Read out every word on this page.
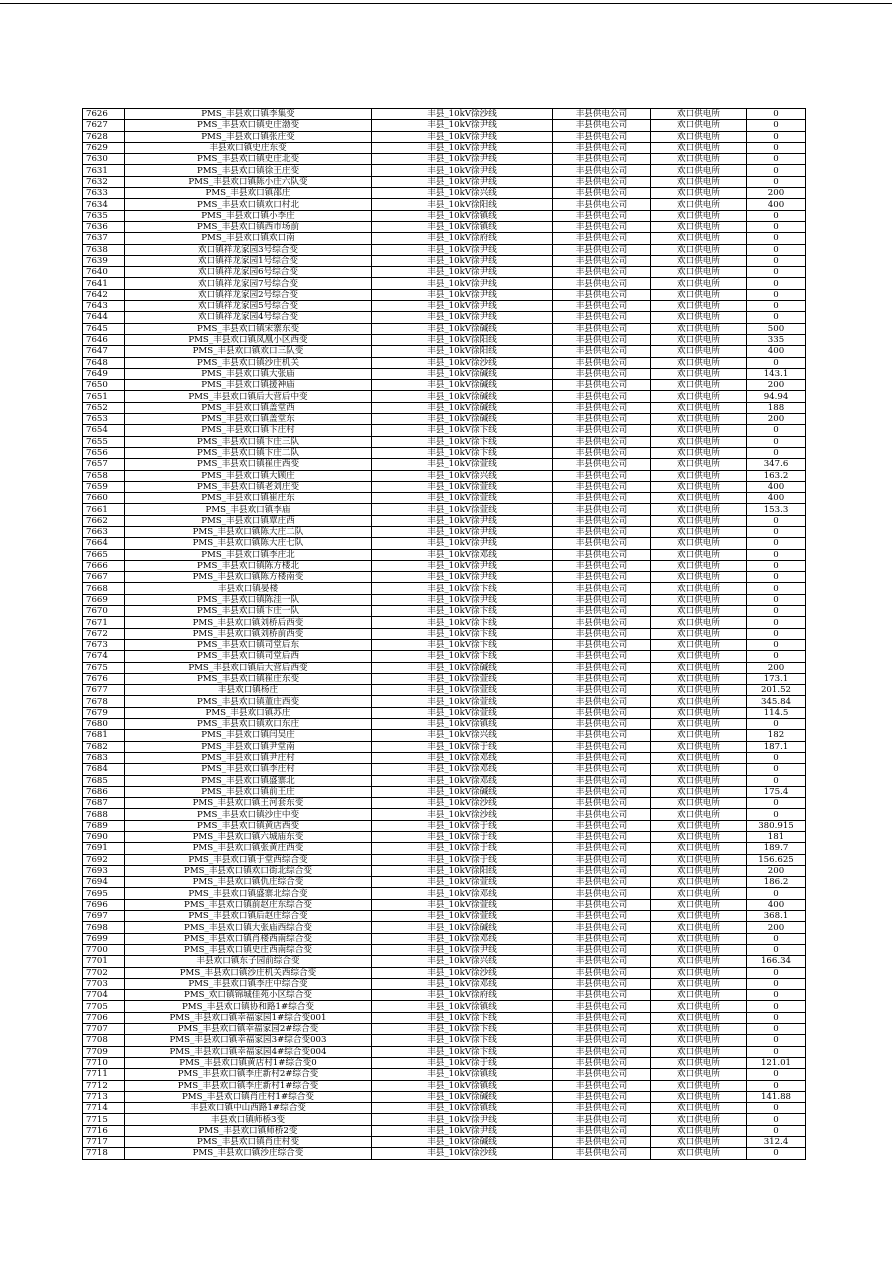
7626	PMS_丰县欢口镇李集变	丰县_10kV徐沙线	丰县供电公司	欢口供电所	0
7627	PMS_丰县欢口镇史庄渤变	丰县_10kV徐尹线	丰县供电公司	欢口供电所	0
7628	PMS_丰县欢口镇张庄变	丰县_10kV徐尹线	丰县供电公司	欢口供电所	0
7629	丰县欢口镇史庄东变	丰县_10kV徐尹线	丰县供电公司	欢口供电所	0
7630	PMS_丰县欢口镇史庄北变	丰县_10kV徐尹线	丰县供电公司	欢口供电所	0
7631	PMS_丰县欢口镇徐王庄变	丰县_10kV徐尹线	丰县供电公司	欢口供电所	0
7632	PMS_丰县欢口镇陈小庄六队变	丰县_10kV徐尹线	丰县供电公司	欢口供电所	0
7633	PMS_丰县欢口镇邵庄	丰县_10kV徐兴线	丰县供电公司	欢口供电所	200
7634	PMS_丰县欢口镇欢口村北	丰县_10kV徐阳线	丰县供电公司	欢口供电所	400
7635	PMS_丰县欢口镇小李庄	丰县_10kV徐镇线	丰县供电公司	欢口供电所	0
7636	PMS_丰县欢口镇西市场前	丰县_10kV徐镇线	丰县供电公司	欢口供电所	0
7637	PMS_丰县欢口镇欢口南	丰县_10kV徐府线	丰县供电公司	欢口供电所	0
7638	欢口镇祥龙家园3号综合变	丰县_10kV徐尹线	丰县供电公司	欢口供电所	0
7639	欢口镇祥龙家园1号综合变	丰县_10kV徐尹线	丰县供电公司	欢口供电所	0
7640	欢口镇祥龙家园6号综合变	丰县_10kV徐尹线	丰县供电公司	欢口供电所	0
7641	欢口镇祥龙家园7号综合变	丰县_10kV徐尹线	丰县供电公司	欢口供电所	0
7642	欢口镇祥龙家园2号综合变	丰县_10kV徐尹线	丰县供电公司	欢口供电所	0
7643	欢口镇祥龙家园5号综合变	丰县_10kV徐尹线	丰县供电公司	欢口供电所	0
7644	欢口镇祥龙家园4号综合变	丰县_10kV徐尹线	丰县供电公司	欢口供电所	0
7645	PMS_丰县欢口镇宋寨东变	丰县_10kV徐碱线	丰县供电公司	欢口供电所	500
7646	PMS_丰县欢口镇凤凰小区西变	丰县_10kV徐阳线	丰县供电公司	欢口供电所	335
7647	PMS_丰县欢口镇欢口三队变	丰县_10kV徐阳线	丰县供电公司	欢口供电所	400
7648	PMS_丰县欢口镇沙庄机关	丰县_10kV徐沙线	丰县供电公司	欢口供电所	0
7649	PMS_丰县欢口镇大张庙	丰县_10kV徐碱线	丰县供电公司	欢口供电所	143.1
7650	PMS_丰县欢口镇援神庙	丰县_10kV徐碱线	丰县供电公司	欢口供电所	200
7651	PMS_丰县欢口镇后大营后中变	丰县_10kV徐碱线	丰县供电公司	欢口供电所	94.94
7652	PMS_丰县欢口镇盖堂西	丰县_10kV徐碱线	丰县供电公司	欢口供电所	188
7653	PMS_丰县欢口镇盖堂东	丰县_10kV徐碱线	丰县供电公司	欢口供电所	200
7654	PMS_丰县欢口镇卞庄村	丰县_10kV徐卞线	丰县供电公司	欢口供电所	0
7655	PMS_丰县欢口镇卞庄三队	丰县_10kV徐卞线	丰县供电公司	欢口供电所	0
7656	PMS_丰县欢口镇卞庄二队	丰县_10kV徐卞线	丰县供电公司	欢口供电所	0
7657	PMS_丰县欢口镇崔庄西变	丰县_10kV徐萱线	丰县供电公司	欢口供电所	347.6
7658	PMS_丰县欢口镇大顾庄	丰县_10kV徐兴线	丰县供电公司	欢口供电所	163.2
7659	PMS_丰县欢口镇老刘庄变	丰县_10kV徐萱线	丰县供电公司	欢口供电所	400
7660	PMS_丰县欢口镇崔庄东	丰县_10kV徐萱线	丰县供电公司	欢口供电所	400
7661	PMS_丰县欢口镇李庙	丰县_10kV徐萱线	丰县供电公司	欢口供电所	153.3
7662	PMS_丰县欢口镇覃庄西	丰县_10kV徐尹线	丰县供电公司	欢口供电所	0
7663	PMS_丰县欢口镇陈大庄二队	丰县_10kV徐尹线	丰县供电公司	欢口供电所	0
7664	PMS_丰县欢口镇陈大庄七队	丰县_10kV徐尹线	丰县供电公司	欢口供电所	0
7665	PMS_丰县欢口镇李庄北	丰县_10kV徐邓线	丰县供电公司	欢口供电所	0
7666	PMS_丰县欢口镇陈方楼北	丰县_10kV徐尹线	丰县供电公司	欢口供电所	0
7667	PMS_丰县欢口镇陈方楼南变	丰县_10kV徐尹线	丰县供电公司	欢口供电所	0
7668	丰县欢口镇晏楼	丰县_10kV徐卞线	丰县供电公司	欢口供电所	0
7669	PMS_丰县欢口镇陈洼一队	丰县_10kV徐尹线	丰县供电公司	欢口供电所	0
7670	PMS_丰县欢口镇卞庄一队	丰县_10kV徐卞线	丰县供电公司	欢口供电所	0
7671	PMS_丰县欢口镇刘桥后西变	丰县_10kV徐卞线	丰县供电公司	欢口供电所	0
7672	PMS_丰县欢口镇刘桥前西变	丰县_10kV徐卞线	丰县供电公司	欢口供电所	0
7673	PMS_丰县欢口镇司堂后东	丰县_10kV徐卞线	丰县供电公司	欢口供电所	0
7674	PMS_丰县欢口镇司堂后西	丰县_10kV徐卞线	丰县供电公司	欢口供电所	0
7675	PMS_丰县欢口镇后大营后西变	丰县_10kV徐碱线	丰县供电公司	欢口供电所	200
7676	PMS_丰县欢口镇崔庄东变	丰县_10kV徐萱线	丰县供电公司	欢口供电所	173.1
7677	丰县欢口镇杨庄	丰县_10kV徐萱线	丰县供电公司	欢口供电所	201.52
7678	PMS_丰县欢口镇董庄西变	丰县_10kV徐萱线	丰县供电公司	欢口供电所	345.84
7679	PMS_丰县欢口镇苏庄	丰县_10kV徐萱线	丰县供电公司	欢口供电所	114.5
7680	PMS_丰县欢口镇欢口东庄	丰县_10kV徐镇线	丰县供电公司	欢口供电所	0
7681	PMS_丰县欢口镇闫吴庄	丰县_10kV徐兴线	丰县供电公司	欢口供电所	182
7682	PMS_丰县欢口镇尹堂南	丰县_10kV徐于线	丰县供电公司	欢口供电所	187.1
7683	PMS_丰县欢口镇尹庄村	丰县_10kV徐邓线	丰县供电公司	欢口供电所	0
7684	PMS_丰县欢口镇李庄村	丰县_10kV徐邓线	丰县供电公司	欢口供电所	0
7685	PMS_丰县欢口镇盛寨北	丰县_10kV徐邓线	丰县供电公司	欢口供电所	0
7686	PMS_丰县欢口镇前王庄	丰县_10kV徐碱线	丰县供电公司	欢口供电所	175.4
7687	PMS_丰县欢口镇王河套东变	丰县_10kV徐沙线	丰县供电公司	欢口供电所	0
7688	PMS_丰县欢口镇沙庄中变	丰县_10kV徐沙线	丰县供电公司	欢口供电所	0
7689	PMS_丰县欢口镇黄店西变	丰县_10kV徐于线	丰县供电公司	欢口供电所	380.915
7690	PMS_丰县欢口镇六城庙东变	丰县_10kV徐于线	丰县供电公司	欢口供电所	181
7691	PMS_丰县欢口镇张黄庄西变	丰县_10kV徐于线	丰县供电公司	欢口供电所	189.7
7692	PMS_丰县欢口镇于堂西综合变	丰县_10kV徐于线	丰县供电公司	欢口供电所	156.625
7693	PMS_丰县欢口镇欢口街北综合变	丰县_10kV徐阳线	丰县供电公司	欢口供电所	200
7694	PMS_丰县欢口镇仇庄综合变	丰县_10kV徐萱线	丰县供电公司	欢口供电所	186.2
7695	PMS_丰县欢口镇盛寨北综合变	丰县_10kV徐邓线	丰县供电公司	欢口供电所	0
7696	PMS_丰县欢口镇前赵庄东综合变	丰县_10kV徐萱线	丰县供电公司	欢口供电所	400
7697	PMS_丰县欢口镇后赵庄综合变	丰县_10kV徐萱线	丰县供电公司	欢口供电所	368.1
7698	PMS_丰县欢口镇大张庙西综合变	丰县_10kV徐碱线	丰县供电公司	欢口供电所	200
7699	PMS_丰县欢口镇肖楼西南综合变	丰县_10kV徐邓线	丰县供电公司	欢口供电所	0
7700	PMS_丰县欢口镇史庄西南综合变	丰县_10kV徐尹线	丰县供电公司	欢口供电所	0
7701	丰县欢口镇东子园前综合变	丰县_10kV徐兴线	丰县供电公司	欢口供电所	166.34
7702	PMS_丰县欢口镇沙庄机关西综合变	丰县_10kV徐沙线	丰县供电公司	欢口供电所	0
7703	PMS_丰县欢口镇李庄中综合变	丰县_10kV徐邓线	丰县供电公司	欢口供电所	0
7704	PMS_欢口镇锦城佳苑小区综合变	丰县_10kV徐府线	丰县供电公司	欢口供电所	0
7705	PMS_丰县欢口镇协和路1#综合变	丰县_10kV徐镇线	丰县供电公司	欢口供电所	0
7706	PMS_丰县欢口镇幸福家园1#综合变001	丰县_10kV徐卞线	丰县供电公司	欢口供电所	0
7707	PMS_丰县欢口镇幸福家园2#综合变	丰县_10kV徐卞线	丰县供电公司	欢口供电所	0
7708	PMS_丰县欢口镇幸福家园3#综合变003	丰县_10kV徐卞线	丰县供电公司	欢口供电所	0
7709	PMS_丰县欢口镇幸福家园4#综合变004	丰县_10kV徐卞线	丰县供电公司	欢口供电所	0
7710	PMS_丰县欢口镇黄店村1#综合变0	丰县_10kV徐于线	丰县供电公司	欢口供电所	121.01
7711	PMS_丰县欢口镇李庄新村2#综合变	丰县_10kV徐镇线	丰县供电公司	欢口供电所	0
7712	PMS_丰县欢口镇李庄新村1#综合变	丰县_10kV徐镇线	丰县供电公司	欢口供电所	0
7713	PMS_丰县欢口镇肖庄村1#综合变	丰县_10kV徐碱线	丰县供电公司	欢口供电所	141.88
7714	丰县欢口镇中山西路1#综合变	丰县_10kV徐镇线	丰县供电公司	欢口供电所	0
7715	丰县欢口镇师桥3变	丰县_10kV徐尹线	丰县供电公司	欢口供电所	0
7716	PMS_丰县欢口镇师桥2变	丰县_10kV徐尹线	丰县供电公司	欢口供电所	0
7717	PMS_丰县欢口镇肖庄村变	丰县_10kV徐碱线	丰县供电公司	欢口供电所	312.4
7718	PMS_丰县欢口镇沙庄综合变	丰县_10kV徐沙线	丰县供电公司	欢口供电所	0
